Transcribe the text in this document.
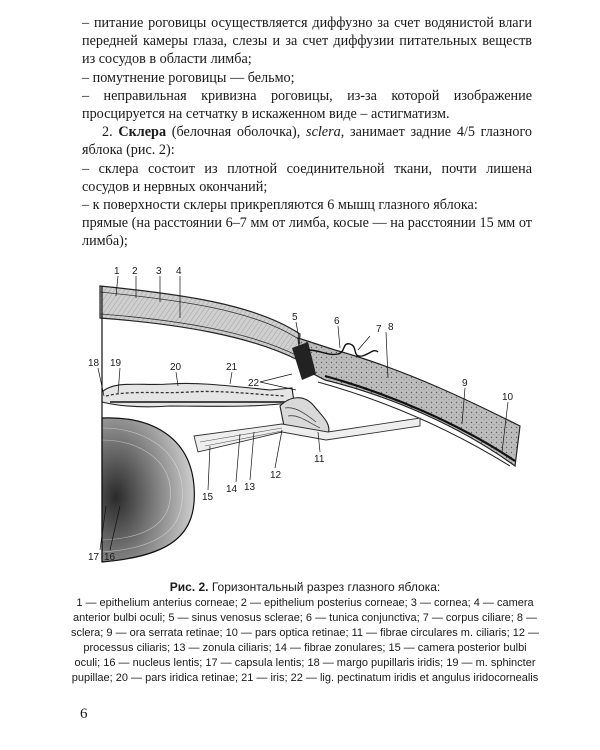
– питание роговицы осуществляется диффузно за счет водянистой влаги передней камеры глаза, слезы и за счет диффузии питательных веществ из сосудов в области лимба;

– помутнение роговицы — бельмо;

– неправильная кривизна роговицы, из-за которой изображение просцируется на сетчатку в искаженном виде – астигматизм.

2. Склера (белочная оболочка), sclera, занимает задние 4/5 глазного яблока (рис. 2):

– склера состоит из плотной соединительной ткани, почти лишена сосудов и нервных окончаний;

– к поверхности склеры прикрепляются 6 мышц глазного яблока:

прямые (на расстоянии 6–7 мм от лимба, косые — на расстоянии 15 мм от лимба);

1 2 3 4
5	6
7 8
9
10
11
12
13
14
15
16
17
18 19	20	21
22
Рис. 2. Горизонтальный разрез глазного яблока:
1 — epithelium anterius corneae; 2 — epithelium posterius corneae; 3 — cornea; 4 — camera anterior bulbi oculi; 5 — sinus venosus sclerae; 6 — tunica conjunctiva; 7 — corpus ciliare; 8 — sclera; 9 — ora serrata retinae; 10 — pars optica retinae; 11 — fibrae circulares m. ciliaris; 12 — processus ciliaris; 13 — zonula ciliaris; 14 — fibrae zonulares; 15 — camera posterior bulbi oculi; 16 — nucleus lentis; 17 — capsula lentis; 18 — margo pupillaris iridis; 19 — m. sphincter pupillae; 20 — pars iridica retinae; 21 — iris; 22 — lig. pectinatum iridis et angulus iridocornealis
6
